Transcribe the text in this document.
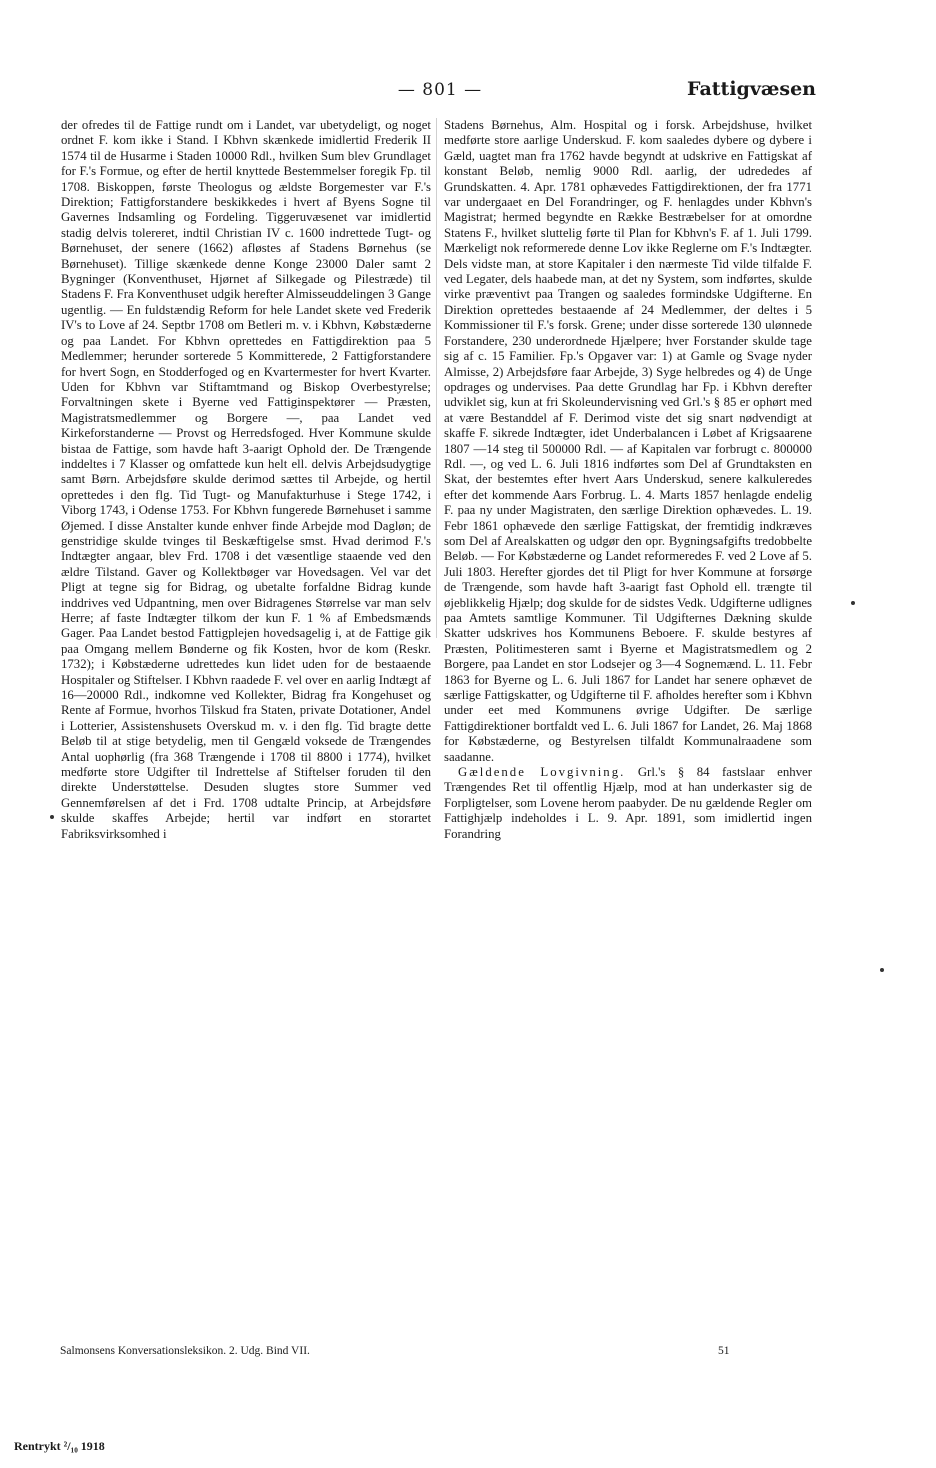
— 801 —	Fattigvæsen
der ofredes til de Fattige rundt om i Landet, var ubetydeligt, og noget ordnet F. kom ikke i Stand. I Kbhvn skænkede imidlertid Frederik II 1574 til de Husarme i Staden 10000 Rdl., hvilken Sum blev Grundlaget for F.'s Formue, og efter de hertil knyttede Bestemmelser foregik Fp. til 1708. Biskoppen, første Theologus og ældste Borgemester var F.'s Direktion; Fattigforstandere beskikkedes i hvert af Byens Sogne til Gavernes Indsamling og Fordeling. Tiggeruvæsenet var imidlertid stadig delvis tolereret, indtil Christian IV c. 1600 indrettede Tugt- og Børnehuset, der senere (1662) afløstes af Stadens Børnehus (se Børnehuset). Tillige skænkede denne Konge 23000 Daler samt 2 Bygninger (Konventhuset, Hjørnet af Silkegade og Pilestræde) til Stadens F. Fra Konventhuset udgik herefter Almisseuddelingen 3 Gange ugentlig. — En fuldstændig Reform for hele Landet skete ved Frederik IV's to Love af 24. Septbr 1708 om Betleri m. v. i Kbhvn, Købstæderne og paa Landet. For Kbhvn oprettedes en Fattigdirektion paa 5 Medlemmer; herunder sorterede 5 Kommitterede, 2 Fattigforstandere for hvert Sogn, en Stodderfoged og en Kvartermester for hvert Kvarter. Uden for Kbhvn var Stiftamtmand og Biskop Overbestyrelse; Forvaltningen skete i Byerne ved Fattiginspektører — Præsten, Magistratsmedlemmer og Borgere —, paa Landet ved Kirkeforstanderne — Provst og Herredsfoged. Hver Kommune skulde bistaa de Fattige, som havde haft 3-aarigt Ophold der. De Trængende inddeltes i 7 Klasser og omfattede kun helt ell. delvis Arbejdsudygtige samt Børn. Arbejdsføre skulde derimod sættes til Arbejde, og hertil oprettedes i den flg. Tid Tugt- og Manufakturhuse i Stege 1742, i Viborg 1743, i Odense 1753. For Kbhvn fungerede Børnehuset i samme Øjemed. I disse Anstalter kunde enhver finde Arbejde mod Dagløn; de genstridige skulde tvinges til Beskæftigelse smst. Hvad derimod F.'s Indtægter angaar, blev Frd. 1708 i det væsentlige staaende ved den ældre Tilstand. Gaver og Kollektbøger var Hovedsagen. Vel var det Pligt at tegne sig for Bidrag, og ubetalte forfaldne Bidrag kunde inddrives ved Udpantning, men over Bidragenes Størrelse var man selv Herre; af faste Indtægter tilkom der kun F. 1 % af Embedsmænds Gager. Paa Landet bestod Fattigplejen hovedsagelig i, at de Fattige gik paa Omgang mellem Bønderne og fik Kosten, hvor de kom (Reskr. 1732); i Købstæderne udrettedes kun lidet uden for de bestaaende Hospitaler og Stiftelser. I Kbhvn raadede F. vel over en aarlig Indtægt af 16—20000 Rdl., indkomne ved Kollekter, Bidrag fra Kongehuset og Rente af Formue, hvorhos Tilskud fra Staten, private Dotationer, Andel i Lotterier, Assistenshusets Overskud m. v. i den flg. Tid bragte dette Beløb til at stige betydelig, men til Gengæld voksede de Trængendes Antal uophørlig (fra 368 Trængende i 1708 til 8800 i 1774), hvilket medførte store Udgifter til Indrettelse af Stiftelser foruden til den direkte Understøttelse. Desuden slugtes store Summer ved Gennemførelsen af det i Frd. 1708 udtalte Princip, at Arbejdsføre skulde skaffes Arbejde; hertil var indført en storartet Fabriksvirksomhed i
Stadens Børnehus, Alm. Hospital og i forsk. Arbejdshuse, hvilket medførte store aarlige Underskud. F. kom saaledes dybere og dybere i Gæld, uagtet man fra 1762 havde begyndt at udskrive en Fattigskat af konstant Beløb, nemlig 9000 Rdl. aarlig, der udrededes af Grundskatten. 4. Apr. 1781 ophævedes Fattigdirektionen, der fra 1771 var undergaaet en Del Forandringer, og F. henlagdes under Kbhvn's Magistrat; hermed begyndte en Række Bestræbelser for at omordne Statens F., hvilket sluttelig førte til Plan for Kbhvn's F. af 1. Juli 1799. Mærkeligt nok reformerede denne Lov ikke Reglerne om F.'s Indtægter. Dels vidste man, at store Kapitaler i den nærmeste Tid vilde tilfalde F. ved Legater, dels haabede man, at det ny System, som indførtes, skulde virke præventivt paa Trangen og saaledes formindske Udgifterne. En Direktion oprettedes bestaaende af 24 Medlemmer, der deltes i 5 Kommissioner til F.'s forsk. Grene; under disse sorterede 130 ulønnede Forstandere, 230 underordnede Hjælpere; hver Forstander skulde tage sig af c. 15 Familier. Fp.'s Opgaver var: 1) at Gamle og Svage nyder Almisse, 2) Arbejdsføre faar Arbejde, 3) Syge helbredes og 4) de Unge opdrages og undervises. Paa dette Grundlag har Fp. i Kbhvn derefter udviklet sig, kun at fri Skoleundervisning ved Grl.'s § 85 er ophørt med at være Bestanddel af F. Derimod viste det sig snart nødvendigt at skaffe F. sikrede Indtægter, idet Underbalancen i Løbet af Krigsaarene 1807 —14 steg til 500000 Rdl. — af Kapitalen var forbrugt c. 800000 Rdl. —, og ved L. 6. Juli 1816 indførtes som Del af Grundtaksten en Skat, der bestemtes efter hvert Aars Underskud, senere kalkuleredes efter det kommende Aars Forbrug. L. 4. Marts 1857 henlagde endelig F. paa ny under Magistraten, den særlige Direktion ophævedes. L. 19. Febr 1861 ophævede den særlige Fattigskat, der fremtidig indkræves som Del af Arealskatten og udgør den opr. Bygningsafgifts tredobbelte Beløb. — For Købstæderne og Landet reformeredes F. ved 2 Love af 5. Juli 1803. Herefter gjordes det til Pligt for hver Kommune at forsørge de Trængende, som havde haft 3-aarigt fast Ophold ell. trængte til øjeblikkelig Hjælp; dog skulde for de sidstes Vedk. Udgifterne udlignes paa Amtets samtlige Kommuner. Til Udgifternes Dækning skulde Skatter udskrives hos Kommunens Beboere. F. skulde bestyres af Præsten, Politimesteren samt i Byerne et Magistratsmedlem og 2 Borgere, paa Landet en stor Lodsejer og 3—4 Sognemænd. L. 11. Febr 1863 for Byerne og L. 6. Juli 1867 for Landet har senere ophævet de særlige Fattigskatter, og Udgifterne til F. afholdes herefter som i Kbhvn under eet med Kommunens øvrige Udgifter. De særlige Fattigdirektioner bortfaldt ved L. 6. Juli 1867 for Landet, 26. Maj 1868 for Købstæderne, og Bestyrelsen tilfaldt Kommunalraadene som saadanne.
Gældende Lovgivning. Grl.'s § 84 fastslaar enhver Trængendes Ret til offentlig Hjælp, mod at han underkaster sig de Forpligtelser, som Lovene herom paabyder. De nu gældende Regler om Fattighjælp indeholdes i L. 9. Apr. 1891, som imidlertid ingen Forandring
Salmonsens Konversationsleksikon. 2. Udg. Bind VII.	51
Rentrykt ²/₁₀ 1918
